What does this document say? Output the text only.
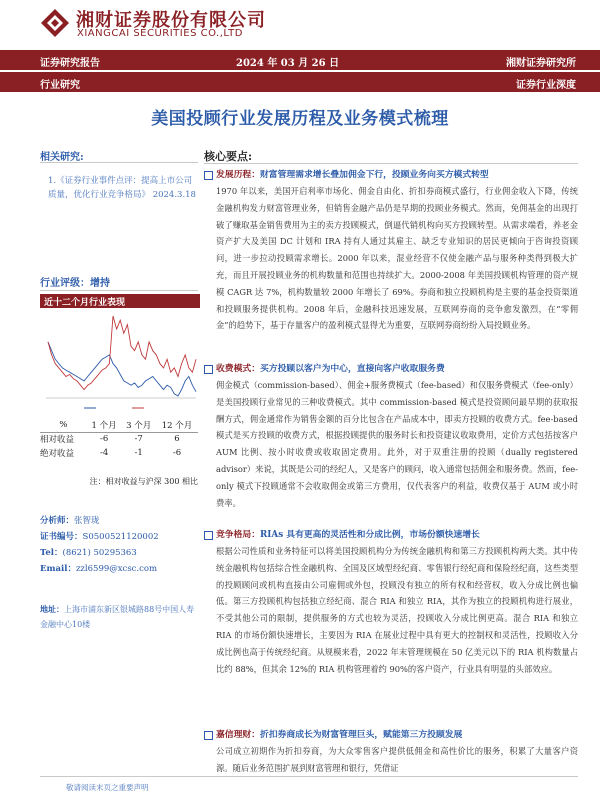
湘财证券股份有限公司
XIANGCAI SECURITIES CO.,LTD
证券研究报告	2024 年 03 月 26 日	湘财证券研究所
行业研究	证券行业深度
美国投顾行业发展历程及业务模式梳理
相关研究:
1.《证券行业事件点评：提高上市公司质量，优化行业竞争格局》 2024.3.18
行业评级：增持
近十二个月行业表现
%	1 个月	3 个月	12 个月
相对收益	-6	-7	6
绝对收益	-4	-1	-6
注：相对收益与沪深 300 相比
分析师：张智珑
证书编号：S0500521120002
Tel：(8621) 50295363
Email：zzl6599@xcsc.com
地址：上海市浦东新区银城路88号中国人寿金融中心10楼
核心要点:
发展历程：财富管理需求增长叠加佣金下行，投顾业务向买方模式转型
1970 年以来，美国开启利率市场化、佣金自由化、折扣券商模式盛行，行业佣金收入下降，传统金融机构发力财富管理业务，但销售金融产品仍是早期的投顾业务模式。然而，免佣基金的出现打破了赚取基金销售费用为主的卖方投顾模式，倒逼代销机构向买方投顾转型。从需求端看，养老金资产扩大及美国 DC 计划和 IRA 持有人通过其雇主、缺乏专业知识的居民更倾向于咨询投资顾问，进一步拉动投顾需求增长。2000 年以来，混业经营不仅使金融产品与服务种类得到极大扩充，而且开展投顾业务的机构数量和范围也持续扩大。2000-2008 年美国投顾机构管理的资产规模 CAGR 达 7%，机构数量较 2000 年增长了 69%。券商和独立投顾机构是主要的基金投资渠道和投顾服务提供机构。2008 年后，金融科技迅速发展，互联网券商的竞争愈发激烈，在“零佣金”的趋势下，基于存量客户的盈利模式显得尤为重要，互联网券商纷纷入局投顾业务。
收费模式：买方投顾以客户为中心，直接向客户收取服务费
佣金模式（commission-based）、佣金+服务费模式（fee-based）和仅服务费模式（fee-only）是美国投顾行业常见的三种收费模式。其中 commission-based 模式是投资顾问最早期的获取报酬方式，佣金通常作为销售金额的百分比包含在产品成本中，即卖方投顾的收费方式。fee-based 模式是买方投顾的收费方式，根据投顾提供的服务时长和投资建议收取费用，定价方式包括按客户 AUM 比例、按小时收费或收取固定费用。此外，对于双重注册的投顾（dually registered advisor）来说，其既是公司的经纪人，又是客户的顾问，收入通常包括佣金和服务费。然而，fee-only 模式下投顾通常不会收取佣金或第三方费用，仅代表客户的利益，收费仅基于 AUM 或小时费率。
竞争格局：RIAs 具有更高的灵活性和分成比例，市场份额快速增长
根据公司性质和业务特征可以将美国投顾机构分为传统金融机构和第三方投顾机构两大类。其中传统金融机构包括综合性金融机构、全国及区域型经纪商、零售银行经纪商和保险经纪商，这些类型的投顾顾问或机构直接由公司雇佣或外包，投顾没有独立的所有权和经营权，收入分成比例也偏低。第三方投顾机构包括独立经纪商、混合 RIA 和独立 RIA，其作为独立的投顾机构进行展业，不受其他公司的限制，提供服务的方式也较为灵活，投顾收入分成比例更高。混合 RIA 和独立 RIA 的市场份额快速增长，主要因为 RIA 在展业过程中具有更大的控制权和灵活性，投顾收入分成比例也高于传统经纪商。从规模来看，2022 年末管理规模在 50 亿美元以下的 RIA 机构数量占比约 88%，但其余 12%的 RIA 机构管理着约 90%的客户资产，行业具有明显的头部效应。
嘉信理财：折扣券商成长为财富管理巨头，赋能第三方投顾发展
公司成立初期作为折扣券商，为大众零售客户提供低佣金和高性价比的服务，积累了大量客户资源。随后业务范围扩展到财富管理和银行，凭借证
敬请阅读末页之重要声明
